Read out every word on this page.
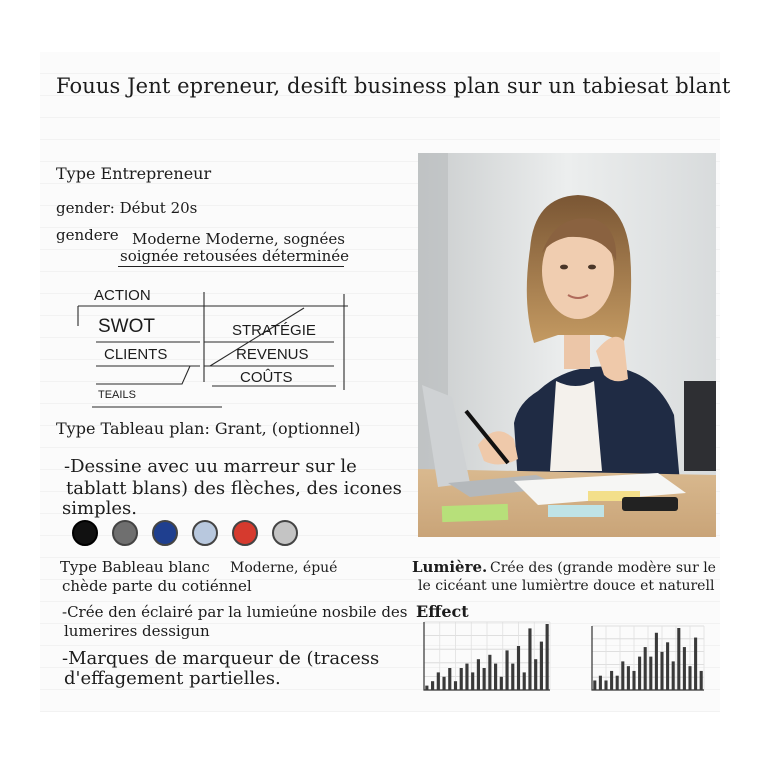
Fouus Jent epreneur, desift business plan sur un tabiesat blant
Type Entrepreneur
gender: Début 20s
gendere Moderne Moderne, sognées
soignée retousées déterminée
ACTION
SWOT	STRATÉGIE
CLIENTS	REVENUS
COÛTS
TEAILS
Type Tableau plan: Grant, (optionnel)
-Dessine avec uu marreur sur le
tablatt blans) des flèches, des icones
simples.
Type Bableau blanc Moderne, épué
chède parte du cotiénnel
-Crée den éclairé par la lumieúne nosbile des
lumerires dessigun
-Marques de marqueur de (tracess
d'effagement partielles.
Lumière. Crée des (grande modère sur le
le cicéant une lumièrtre douce et naturell
Effect
